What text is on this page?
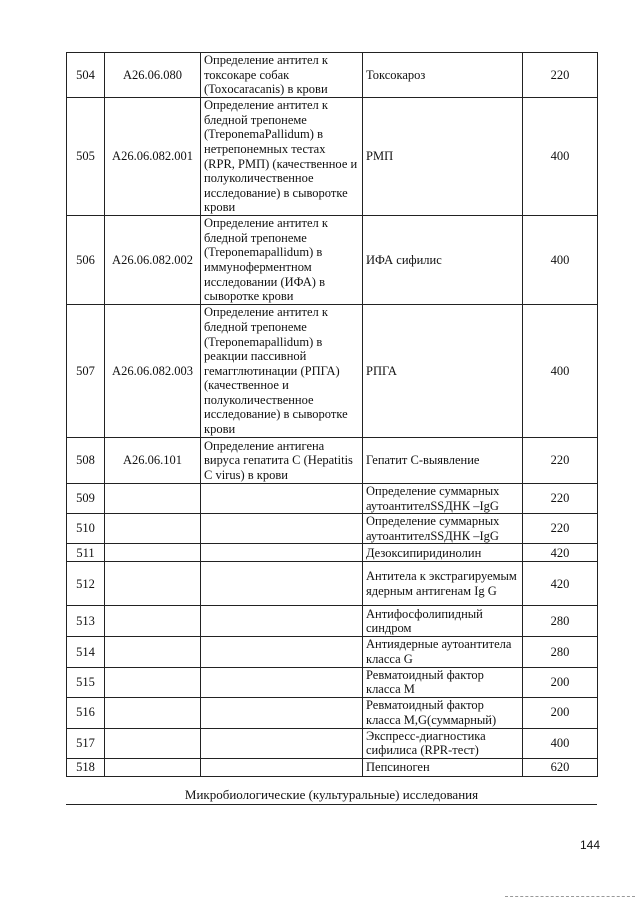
504	A26.06.080	Определение антител к токсокаре собак (Toxocaracanis) в крови	Токсокароз	220
505	A26.06.082.001	Определение антител к бледной трепонеме (TreponemaPallidum) в нетрепонемных тестах (RPR, РМП) (качественное и полуколичественное исследование) в сыворотке крови	РМП	400
506	A26.06.082.002	Определение антител к бледной трепонеме (Treponemapallidum) в иммуноферментном исследовании (ИФА) в сыворотке крови	ИФА сифилис	400
507	A26.06.082.003	Определение антител к бледной трепонеме (Treponemapallidum) в реакции пассивной гемагглютинации (РПГА) (качественное и полуколичественное исследование) в сыворотке крови	РПГА	400
508	A26.06.101	Определение антигена вируса гепатита С (Hepatitis C virus) в крови	Гепатит С-выявление	220
509			Определение суммарных аутоантителSSДНК –IgG	220
510			Определение суммарных аутоантителSSДНК –IgG	220
511			Дезоксипиридинолин	420
512			Антитела к экстрагируемым ядерным антигенам Ig G	420
513			Антифосфолипидный синдром	280
514			Антиядерные аутоантитела класса G	280
515			Ревматоидный фактор класса М	200
516			Ревматоидный фактор класса M,G(суммарный)	200
517			Экспресс-диагностика сифилиса (RPR-тест)	400
518			Пепсиноген	620
Микробиологические (культуральные) исследования
144
